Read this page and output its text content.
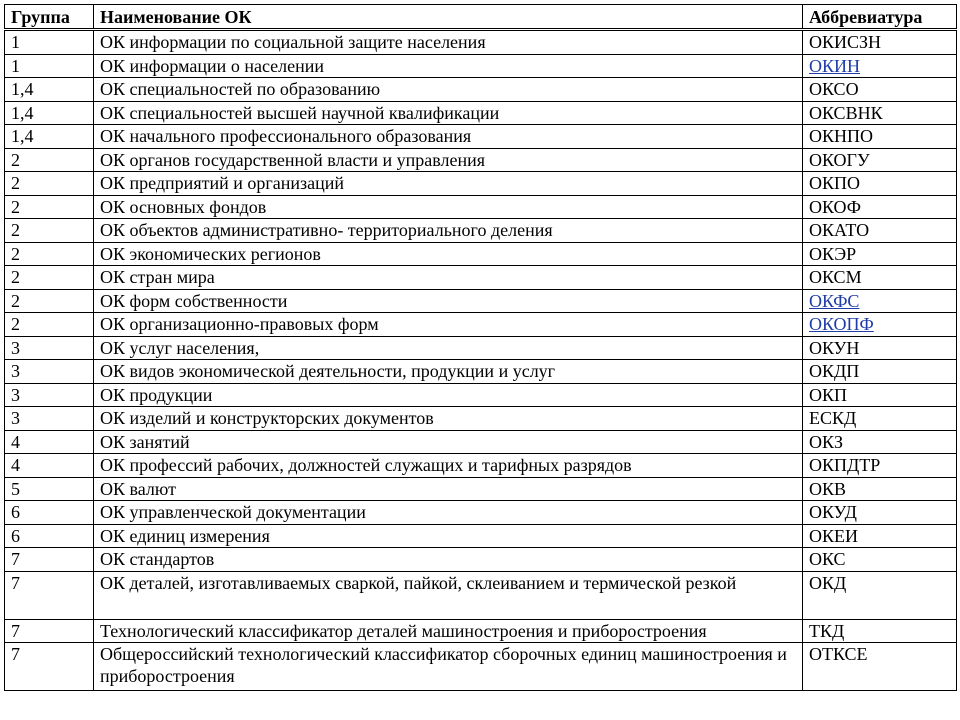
Группа	Наименование ОК	Аббревиатура
1	ОК информации по социальной защите населения	ОКИСЗН
1	ОК информации о населении	ОКИН
1,4	ОК специальностей по образованию	ОКСО
1,4	ОК специальностей высшей научной квалификации	ОКСВНК
1,4	ОК начального профессионального образования	ОКНПО
2	ОК органов государственной власти и управления	ОКОГУ
2	ОК предприятий и организаций	ОКПО
2	ОК основных фондов	ОКОФ
2	ОК объектов административно- территориального деления	ОКАТО
2	ОК экономических регионов	ОКЭР
2	ОК стран мира	ОКСМ
2	ОК форм собственности	ОКФС
2	ОК организационно-правовых форм	ОКОПФ
3	ОК услуг населения,	ОКУН
3	ОК видов экономической деятельности, продукции и услуг	ОКДП
3	ОК продукции	ОКП
3	ОК изделий и конструкторских документов	ЕСКД
4	ОК занятий	ОКЗ
4	ОК профессий рабочих, должностей служащих и тарифных разрядов	ОКПДТР
5	ОК валют	ОКВ
6	ОК управленческой документации	ОКУД
6	ОК единиц измерения	ОКЕИ
7	ОК стандартов	ОКС
7	ОК деталей, изготавливаемых сваркой, пайкой, склеиванием и термической резкой	ОКД
7	Технологический классификатор деталей машиностроения и приборостроения	ТКД
7	Общероссийский технологический классификатор сборочных единиц машиностроения и приборостроения	ОТКСЕ
